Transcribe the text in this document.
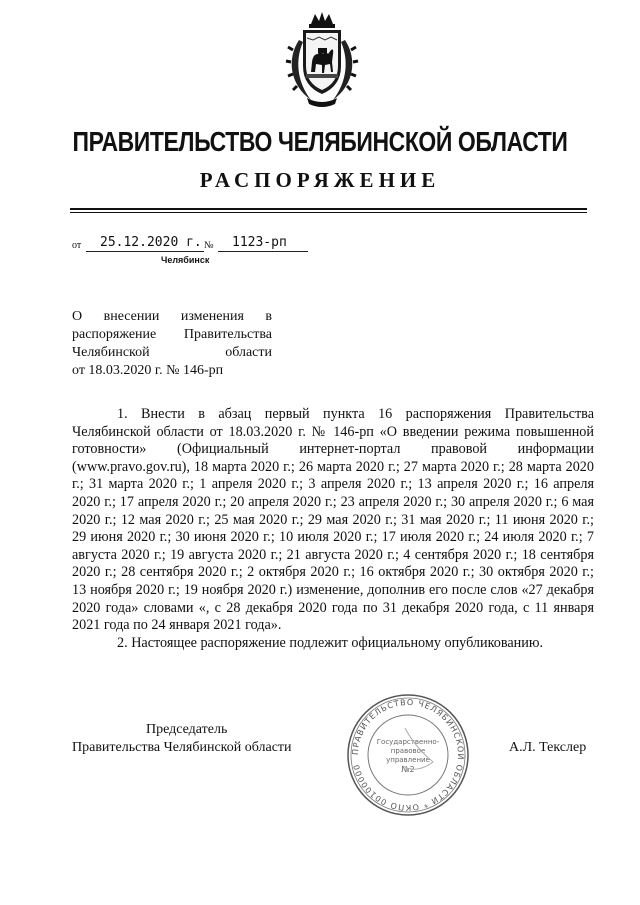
ПРАВИТЕЛЬСТВО ЧЕЛЯБИНСКОЙ ОБЛАСТИ
РАСПОРЯЖЕНИЕ
от 25.12.2020 г. № 1123-рп
Челябинск
О внесении изменения в
распоряжение Правительства
Челябинской области
от 18.03.2020 г. № 146-рп

1. Внести в абзац первый пункта 16 распоряжения Правительства Челябинской области от 18.03.2020 г. № 146-рп «О введении режима повышенной готовности» (Официальный интернет-портал правовой информации (www.pravo.gov.ru), 18 марта 2020 г.; 26 марта 2020 г.; 27 марта 2020 г.; 28 марта 2020 г.; 31 марта 2020 г.; 1 апреля 2020 г.; 3 апреля 2020 г.; 13 апреля 2020 г.; 16 апреля 2020 г.; 17 апреля 2020 г.; 20 апреля 2020 г.; 23 апреля 2020 г.; 30 апреля 2020 г.; 6 мая 2020 г.; 12 мая 2020 г.; 25 мая 2020 г.; 29 мая 2020 г.; 31 мая 2020 г.; 11 июня 2020 г.; 29 июня 2020 г.; 30 июня 2020 г.; 10 июля 2020 г.; 17 июля 2020 г.; 24 июля 2020 г.; 7 августа 2020 г.; 19 августа 2020 г.; 21 августа 2020 г.; 4 сентября 2020 г.; 18 сентября 2020 г.; 28 сентября 2020 г.; 2 октября 2020 г.; 16 октября 2020 г.; 30 октября 2020 г.; 13 ноября 2020 г.; 19 ноября 2020 г.) изменение, дополнив его после слов «27 декабря 2020 года» словами «, с 28 декабря 2020 года по 31 декабря 2020 года, с 11 января 2021 года по 24 января 2021 года».

2. Настоящее распоряжение подлежит официальному опубликованию.

Председатель
Правительства Челябинской области	ПРАВИТЕЛЬСТВО ЧЕЛЯБИНСКОЙ ОБЛАСТИ * ОКПО 00100000
Государственно-
правовое
управление
№2
А.Л. Текслер
